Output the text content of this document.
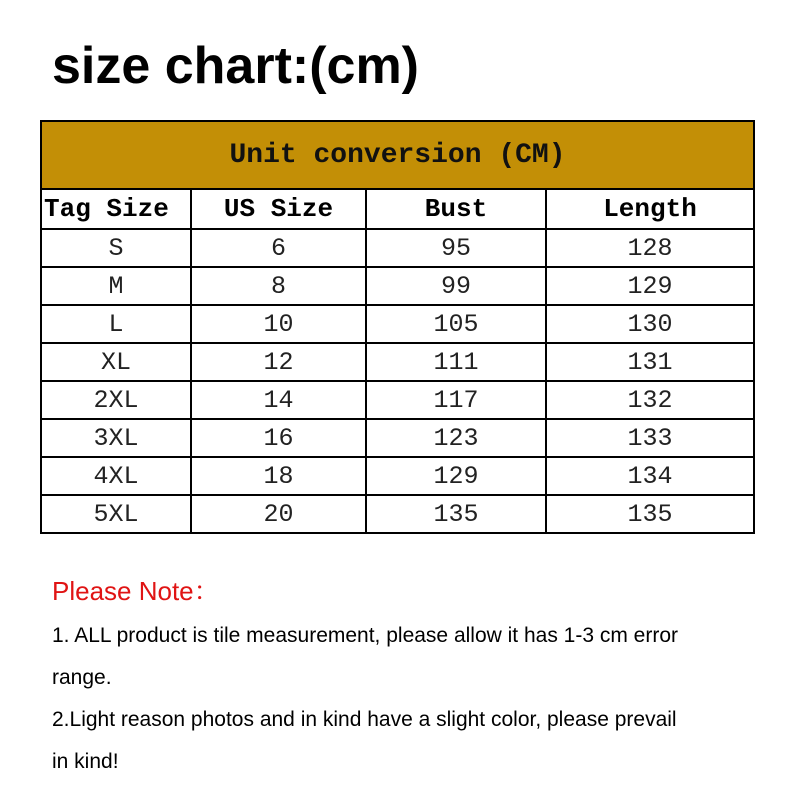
size chart:(cm)
Unit conversion (CM)			
Tag Size	US Size	Bust	Length
S	6	95	128
M	8	99	129
L	10	105	130
XL	12	111	131
2XL	14	117	132
3XL	16	123	133
4XL	18	129	134
5XL	20	135	135
Please Note：
1. ALL product is tile measurement, please allow it has 1-3 cm error
range.
2.Light reason photos and in kind have a slight color, please prevail
in kind!
